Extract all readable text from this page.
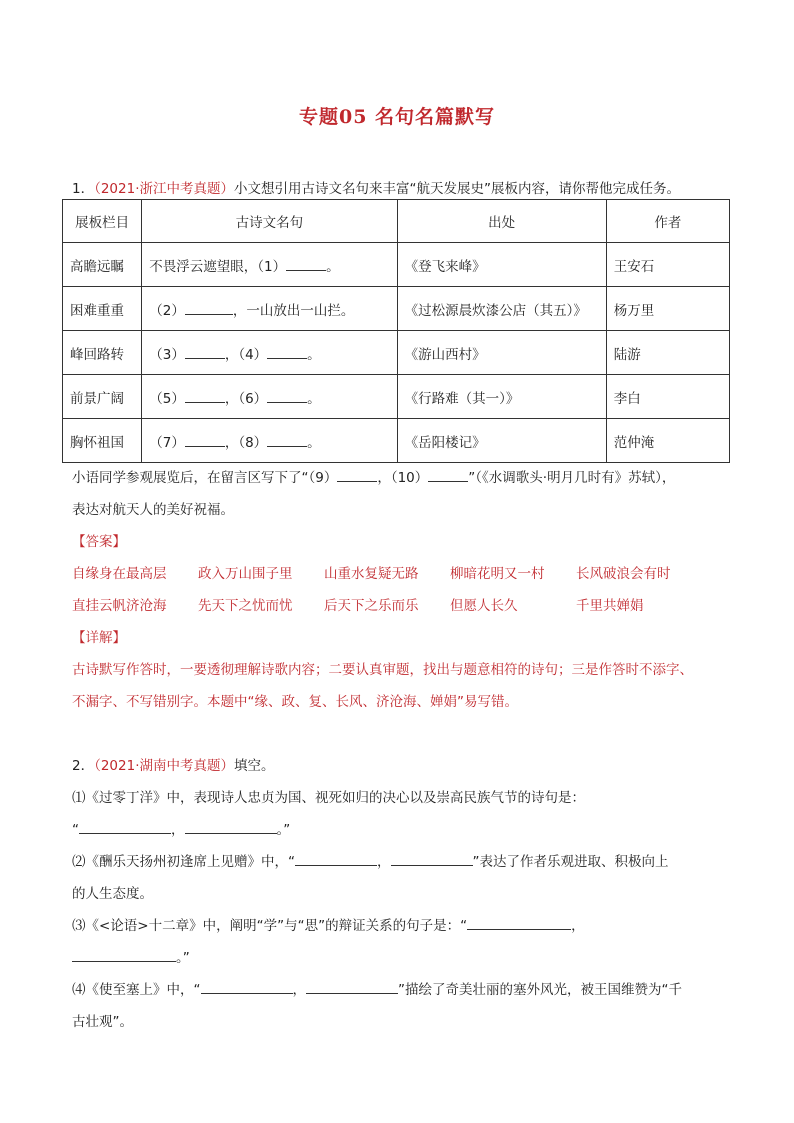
专题05 名句名篇默写
1．（2021·浙江中考真题）小文想引用古诗文名句来丰富“航天发展史”展板内容，请你帮他完成任务。
展板栏目	古诗文名句	出处	作者
高瞻远瞩	不畏浮云遮望眼，（1） 。	《登飞来峰》	王安石
困难重重	（2） ，一山放出一山拦。	《过松源晨炊漆公店（其五）》	杨万里
峰回路转	（3） ，（4） 。	《游山西村》	陆游
前景广阔	（5） ，（6） 。	《行路难（其一）》	李白
胸怀祖国	（7） ，（8） 。	《岳阳楼记》	范仲淹
小语同学参观展览后，在留言区写下了“（9）	，（10）	”（《水调歌头·明月几时有》苏轼），
表达对航天人的美好祝福。
【答案】
自缘身在最高层 政入万山围子里 山重水复疑无路 柳暗花明又一村 长风破浪会有时
直挂云帆济沧海 先天下之忧而忧 后天下之乐而乐 但愿人长久	千里共婵娟
【详解】
古诗默写作答时，一要透彻理解诗歌内容；二要认真审题，找出与题意相符的诗句；三是作答时不添字、
不漏字、不写错别字。本题中“缘、政、复、长风、济沧海、婵娟”易写错。
2．（2021·湖南中考真题）填空。
⑴《过零丁洋》中，表现诗人忠贞为国、视死如归的决心以及崇高民族气节的诗句是：
“	，	。”
⑵《酬乐天扬州初逢席上见赠》中，“	，	”表达了作者乐观进取、积极向上
的人生态度。
⑶《<论语>十二章》中，阐明“学”与“思”的辩证关系的句子是：“	，
。”
⑷《使至塞上》中，“	，	”描绘了奇美壮丽的塞外风光，被王国维赞为“千
古壮观”。
